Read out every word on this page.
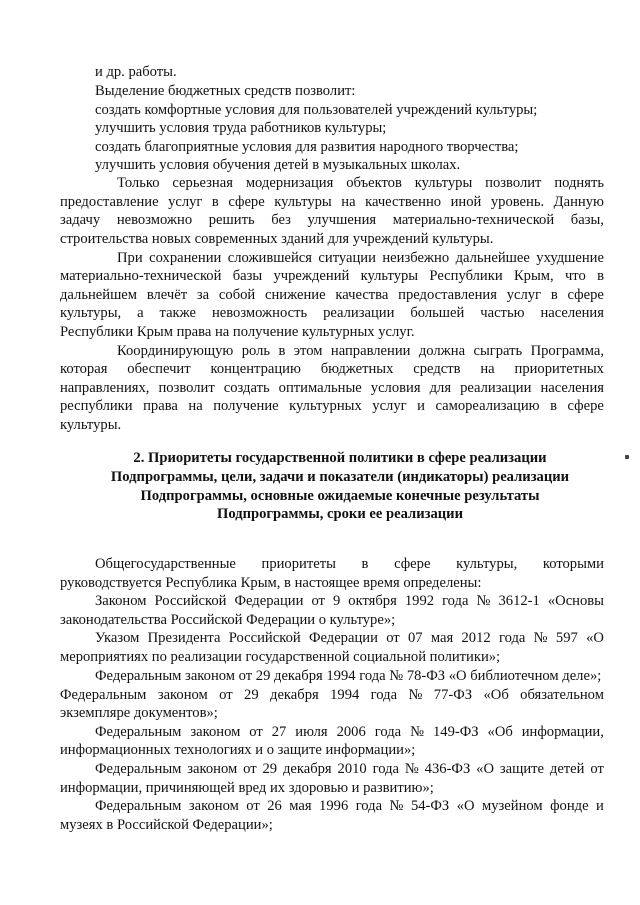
и др. работы.
Выделение бюджетных средств позволит:
создать комфортные условия для пользователей учреждений культуры;
улучшить условия труда работников культуры;
создать благоприятные условия для развития народного творчества;
улучшить условия обучения детей в музыкальных школах.
Только серьезная модернизация объектов культуры позволит поднять
предоставление услуг в сфере культуры на качественно иной уровень. Данную
задачу невозможно решить без улучшения материально-технической базы,
строительства новых современных зданий для учреждений культуры.
При сохранении сложившейся ситуации неизбежно дальнейшее ухудшение
материально-технической базы учреждений культуры Республики Крым, что в
дальнейшем влечёт за собой снижение качества предоставления услуг в сфере
культуры, а также невозможность реализации большей частью населения
Республики Крым права на получение культурных услуг.
Координирующую роль в этом направлении должна сыграть Программа,
которая обеспечит концентрацию бюджетных средств на приоритетных
направлениях, позволит создать оптимальные условия для реализации населения
республики права на получение культурных услуг и самореализацию в сфере
культуры.
2. Приоритеты государственной политики в сфере реализации
Подпрограммы, цели, задачи и показатели (индикаторы) реализации
Подпрограммы, основные ожидаемые конечные результаты
Подпрограммы, сроки ее реализации
Общегосударственные приоритеты в сфере культуры, которыми
руководствуется Республика Крым, в настоящее время определены:
Законом Российской Федерации от 9 октября 1992 года № 3612-1 «Основы
законодательства Российской Федерации о культуре»;
Указом Президента Российской Федерации от 07 мая 2012 года № 597 «О
мероприятиях по реализации государственной социальной политики»;
Федеральным законом от 29 декабря 1994 года № 78-ФЗ «О библиотечном деле»;
Федеральным законом от 29 декабря 1994 года № 77-ФЗ «Об обязательном
экземпляре документов»;
Федеральным законом от 27 июля 2006 года № 149-ФЗ «Об информации,
информационных технологиях и о защите информации»;
Федеральным законом от 29 декабря 2010 года № 436-ФЗ «О защите детей от
информации, причиняющей вред их здоровью и развитию»;
Федеральным законом от 26 мая 1996 года № 54-ФЗ «О музейном фонде и
музеях в Российской Федерации»;
